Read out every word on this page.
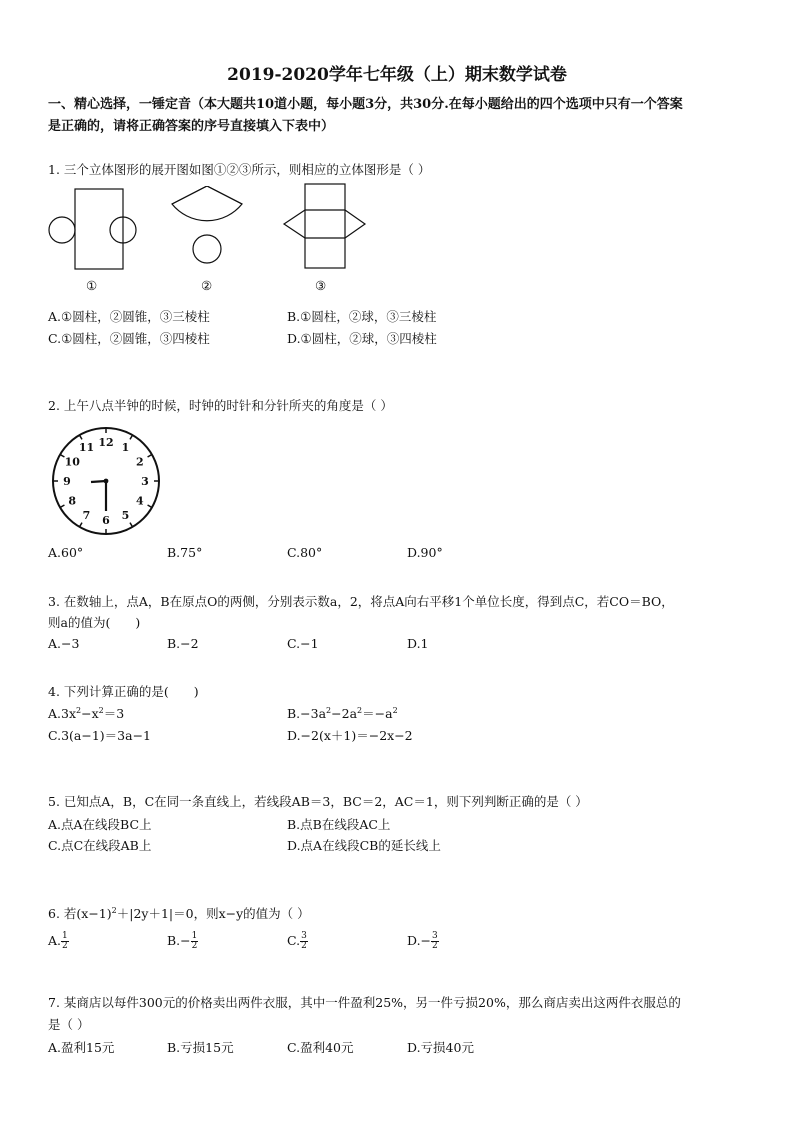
2019-2020学年七年级（上）期末数学试卷
一、精心选择，一锤定音（本大题共10道小题，每小题3分，共30分.在每小题给出的四个选项中只有一个答案
是正确的，请将正确答案的序号直接填入下表中）
1. 三个立体图形的展开图如图①②③所示，则相应的立体图形是（ ）
①	②	③
A.①圆柱，②圆锥，③三棱柱	B.①圆柱，②球，③三棱柱
C.①圆柱，②圆锥，③四棱柱	D.①圆柱，②球，③四棱柱
2. 上午八点半钟的时候，时钟的时针和分针所夹的角度是（ ）
12 1
2
3
4
5
6
7
8
9
10
11
A.60°	B.75°	C.80°	D.90°
3. 在数轴上，点A，B在原点O的两侧，分别表示数a，2，将点A向右平移1个单位长度，得到点C，若CO＝BO，
则a的值为(　　)
A.−3	B.−2	C.−1	D.1
4. 下列计算正确的是(　　)
$A.3x^2-x^2=3$	$B.-3a^2-2a^2=-a^2$
C.3(a−1)＝3a−1	D.−2(x＋1)＝−2x−2
5. 已知点A，B，C在同一条直线上，若线段AB＝3，BC＝2，AC＝1，则下列判断正确的是（ ）
A.点A在线段BC上	B.点B在线段AC上
C.点C在线段AB上	D.点A在线段CB的延长线上
6. 若$(x-1)^2+|2y+1|=0$，则x−y的值为（ ）
A. $\frac{1}{2}$	$B.- \frac{1}{2}$	C. $\frac{3}{2}$	$D.- \frac{3}{2}$
7. 某商店以每件300元的价格卖出两件衣服，其中一件盈利25%，另一件亏损20%，那么商店卖出这两件衣服总的
是（ ）
A.盈利15元	B.亏损15元	C.盈利40元	D.亏损40元
